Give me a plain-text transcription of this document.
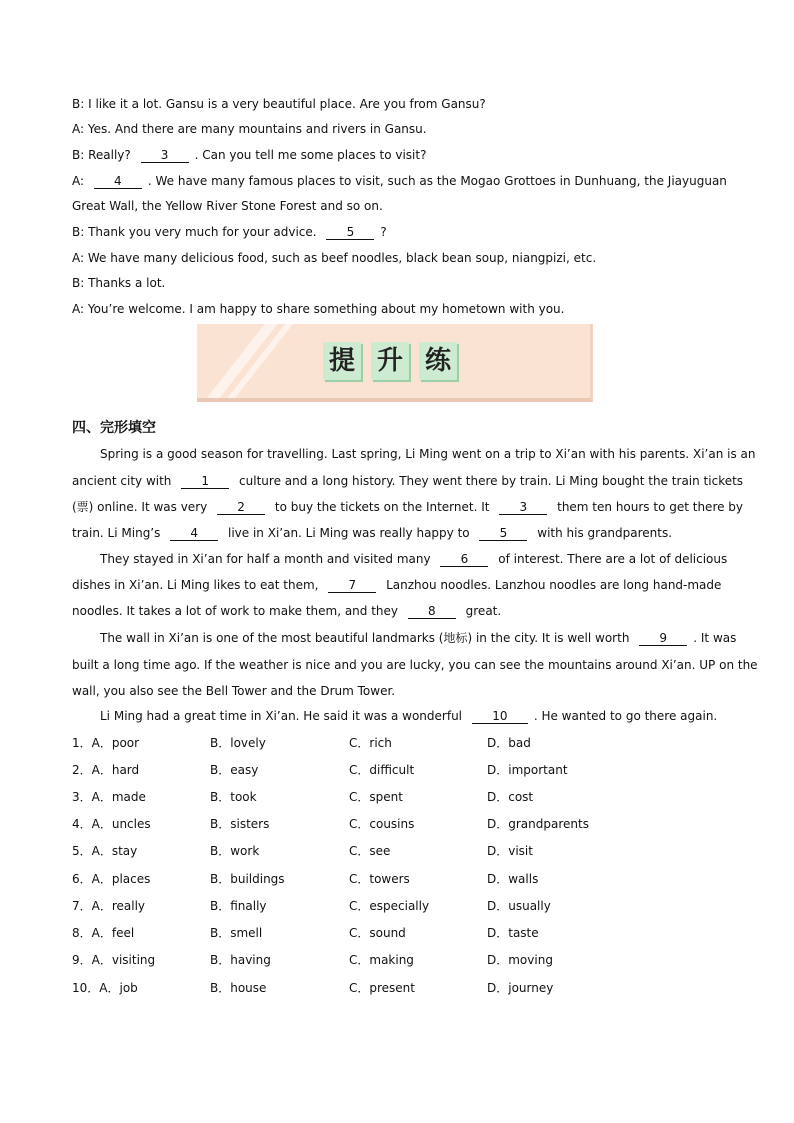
B: I like it a lot. Gansu is a very beautiful place. Are you from Gansu?
A: Yes. And there are many mountains and rivers in Gansu.
B: Really? 3 . Can you tell me some places to visit?
A: 4 . We have many famous places to visit, such as the Mogao Grottoes in Dunhuang, the Jiayuguan
Great Wall, the Yellow River Stone Forest and so on.
B: Thank you very much for your advice. 5 ?
A: We have many delicious food, such as beef noodles, black bean soup, niangpizi, etc.
B: Thanks a lot.
A: You’re welcome. I am happy to share something about my hometown with you.
提 升 练
四、完形填空
Spring is a good season for travelling. Last spring, Li Ming went on a trip to Xi’an with his parents. Xi’an is an
ancient city with 1 culture and a long history. They went there by train. Li Ming bought the train tickets
(票) online. It was very 2 to buy the tickets on the Internet. It 3 them ten hours to get there by
train. Li Ming’s 4 live in Xi’an. Li Ming was really happy to 5 with his grandparents.
They stayed in Xi’an for half a month and visited many 6 of interest. There are a lot of delicious
dishes in Xi’an. Li Ming likes to eat them, 7 Lanzhou noodles. Lanzhou noodles are long hand-made
noodles. It takes a lot of work to make them, and they 8 great.
The wall in Xi’an is one of the most beautiful landmarks (地标) in the city. It is well worth 9 . It was
built a long time ago. If the weather is nice and you are lucky, you can see the mountains around Xi’an. UP on the
wall, you also see the Bell Tower and the Drum Tower.
Li Ming had a great time in Xi’an. He said it was a wonderful 10 . He wanted to go there again.
1．A．poor	B．lovely	C．rich	D．bad
2．A．hard	B．easy	C．difficult	D．important
3．A．made	B．took	C．spent	D．cost
4．A．uncles	B．sisters	C．cousins	D．grandparents
5．A．stay	B．work	C．see	D．visit
6．A．places	B．buildings	C．towers	D．walls
7．A．really	B．finally	C．especially	D．usually
8．A．feel	B．smell	C．sound	D．taste
9．A．visiting	B．having	C．making	D．moving
10．A．job	B．house	C．present	D．journey
